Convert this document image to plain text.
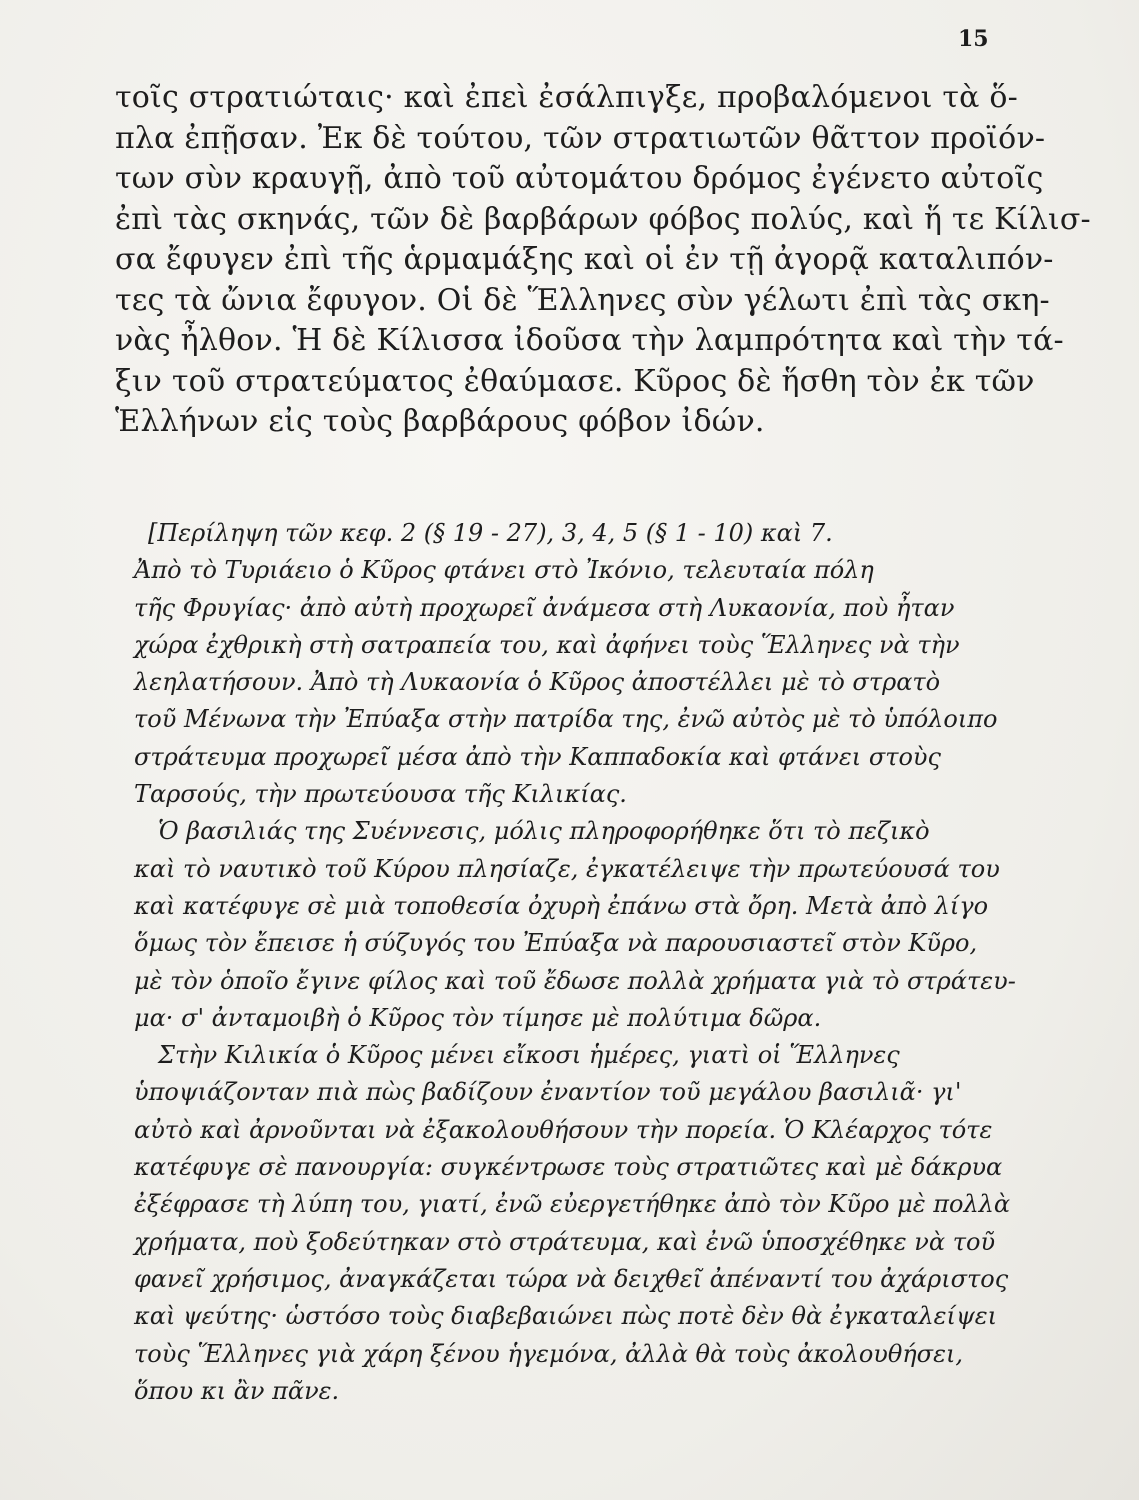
15
τοῖς στρατιώταις· καὶ ἐπεὶ ἐσάλπιγξε, προβαλόμενοι τὰ ὅ-
πλα ἐπῇσαν. Ἐκ δὲ τούτου, τῶν στρατιωτῶν θᾶττον προϊόν-
των σὺν κραυγῇ, ἀπὸ τοῦ αὐτομάτου δρόμος ἐγένετο αὐτοῖς
ἐπὶ τὰς σκηνάς, τῶν δὲ βαρβάρων φόβος πολύς, καὶ ἥ τε Κίλισ-
σα ἔφυγεν ἐπὶ τῆς ἁρμαμάξης καὶ οἱ ἐν τῇ ἀγορᾷ καταλιπόν-
τες τὰ ὤνια ἔφυγον. Οἱ δὲ Ἕλληνες σὺν γέλωτι ἐπὶ τὰς σκη-
νὰς ἦλθον. Ἡ δὲ Κίλισσα ἰδοῦσα τὴν λαμπρότητα καὶ τὴν τά-
ξιν τοῦ στρατεύματος ἐθαύμασε. Κῦρος δὲ ἥσθη τὸν ἐκ τῶν
Ἑλλήνων εἰς τοὺς βαρβάρους φόβον ἰδών.
[Περίληψη τῶν κεφ. 2 (§ 19 - 27), 3, 4, 5 (§ 1 - 10) καὶ 7.
Ἀπὸ τὸ Τυριάειο ὁ Κῦρος φτάνει στὸ Ἰκόνιο, τελευταία πόλη
τῆς Φρυγίας· ἀπὸ αὐτὴ προχωρεῖ ἀνάμεσα στὴ Λυκαονία, ποὺ ἦταν
χώρα ἐχθρικὴ στὴ σατραπεία του, καὶ ἀφήνει τοὺς Ἕλληνες νὰ τὴν
λεηλατήσουν. Ἀπὸ τὴ Λυκαονία ὁ Κῦρος ἀποστέλλει μὲ τὸ στρατὸ
τοῦ Μένωνα τὴν Ἐπύαξα στὴν πατρίδα της, ἐνῶ αὐτὸς μὲ τὸ ὑπόλοιπο
στράτευμα προχωρεῖ μέσα ἀπὸ τὴν Καππαδοκία καὶ φτάνει στοὺς
Ταρσούς, τὴν πρωτεύουσα τῆς Κιλικίας.
Ὁ βασιλιάς της Συέννεσις, μόλις πληροφορήθηκε ὅτι τὸ πεζικὸ
καὶ τὸ ναυτικὸ τοῦ Κύρου πλησίαζε, ἐγκατέλειψε τὴν πρωτεύουσά του
καὶ κατέφυγε σὲ μιὰ τοποθεσία ὀχυρὴ ἐπάνω στὰ ὄρη. Μετὰ ἀπὸ λίγο
ὅμως τὸν ἔπεισε ἡ σύζυγός του Ἐπύαξα νὰ παρουσιαστεῖ στὸν Κῦρο,
μὲ τὸν ὁποῖο ἔγινε φίλος καὶ τοῦ ἔδωσε πολλὰ χρήματα γιὰ τὸ στράτευ-
μα· σ' ἀνταμοιβὴ ὁ Κῦρος τὸν τίμησε μὲ πολύτιμα δῶρα.
Στὴν Κιλικία ὁ Κῦρος μένει εἴκοσι ἡμέρες, γιατὶ οἱ Ἕλληνες
ὑποψιάζονταν πιὰ πὼς βαδίζουν ἐναντίον τοῦ μεγάλου βασιλιᾶ· γι'
αὐτὸ καὶ ἀρνοῦνται νὰ ἐξακολουθήσουν τὴν πορεία. Ὁ Κλέαρχος τότε
κατέφυγε σὲ πανουργία: συγκέντρωσε τοὺς στρατιῶτες καὶ μὲ δάκρυα
ἐξέφρασε τὴ λύπη του, γιατί, ἐνῶ εὐεργετήθηκε ἀπὸ τὸν Κῦρο μὲ πολλὰ
χρήματα, ποὺ ξοδεύτηκαν στὸ στράτευμα, καὶ ἐνῶ ὑποσχέθηκε νὰ τοῦ
φανεῖ χρήσιμος, ἀναγκάζεται τώρα νὰ δειχθεῖ ἀπέναντί του ἀχάριστος
καὶ ψεύτης· ὡστόσο τοὺς διαβεβαιώνει πὼς ποτὲ δὲν θὰ ἐγκαταλείψει
τοὺς Ἕλληνες γιὰ χάρη ξένου ἡγεμόνα, ἀλλὰ θὰ τοὺς ἀκολουθήσει,
ὅπου κι ἂν πᾶνε.
